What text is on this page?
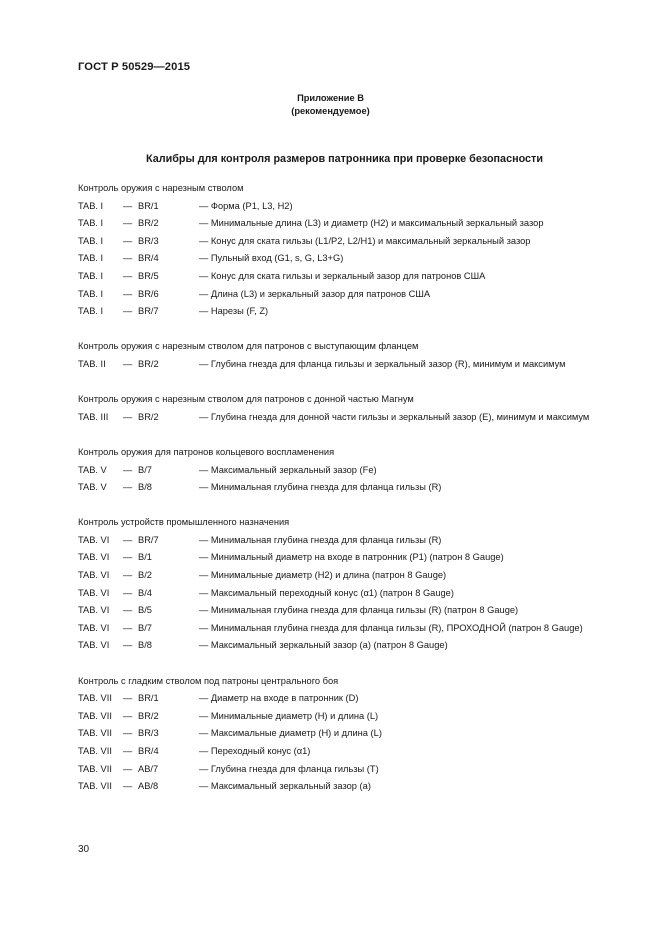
ГОСТ Р 50529—2015
Приложение В
(рекомендуемое)
Калибры для контроля размеров патронника при проверке безопасности
Контроль оружия с нарезным стволом
TAB. I — BR/1	— Форма (P1, L3, H2)
TAB. I — BR/2	— Минимальные длина (L3) и диаметр (H2) и максимальный зеркальный зазор
TAB. I — BR/3	— Конус для ската гильзы (L1/P2, L2/H1) и максимальный зеркальный зазор
TAB. I — BR/4	— Пульный вход (G1, s, G, L3+G)
TAB. I — BR/5	— Конус для ската гильзы и зеркальный зазор для патронов США
TAB. I — BR/6	— Длина (L3) и зеркальный зазор для патронов США
TAB. I — BR/7	— Нарезы (F, Z)
Контроль оружия с нарезным стволом для патронов с выступающим фланцем
TAB. II — BR/2	— Глубина гнезда для фланца гильзы и зеркальный зазор (R), минимум и максимум
Контроль оружия с нарезным стволом для патронов с донной частью Магнум
TAB. III — BR/2	— Глубина гнезда для донной части гильзы и зеркальный зазор (E), минимум и максимум
Контроль оружия для патронов кольцевого воспламенения
TAB. V — B/7	— Максимальный зеркальный зазор (Fe)
TAB. V — B/8	— Минимальная глубина гнезда для фланца гильзы (R)
Контроль устройств промышленного назначения
TAB. VI — BR/7	— Минимальная глубина гнезда для фланца гильзы (R)
TAB. VI — B/1	— Минимальный диаметр на входе в патронник (P1) (патрон 8 Gauge)
TAB. VI — B/2	— Минимальные диаметр (H2) и длина (патрон 8 Gauge)
TAB. VI — B/4	— Максимальный переходный конус (α1) (патрон 8 Gauge)
TAB. VI — B/5	— Минимальная глубина гнезда для фланца гильзы (R) (патрон 8 Gauge)
TAB. VI — B/7	— Минимальная глубина гнезда для фланца гильзы (R), ПРОХОДНОЙ (патрон 8 Gauge)
TAB. VI — B/8	— Максимальный зеркальный зазор (a) (патрон 8 Gauge)
Контроль с гладким стволом под патроны центрального боя
TAB. VII — BR/1	— Диаметр на входе в патронник (D)
TAB. VII — BR/2	— Минимальные диаметр (H) и длина (L)
TAB. VII — BR/3	— Максимальные диаметр (H) и длина (L)
TAB. VII — BR/4	— Переходный конус (α1)
TAB. VII — AB/7	— Глубина гнезда для фланца гильзы (T)
TAB. VII — AB/8	— Максимальный зеркальный зазор (a)
30
